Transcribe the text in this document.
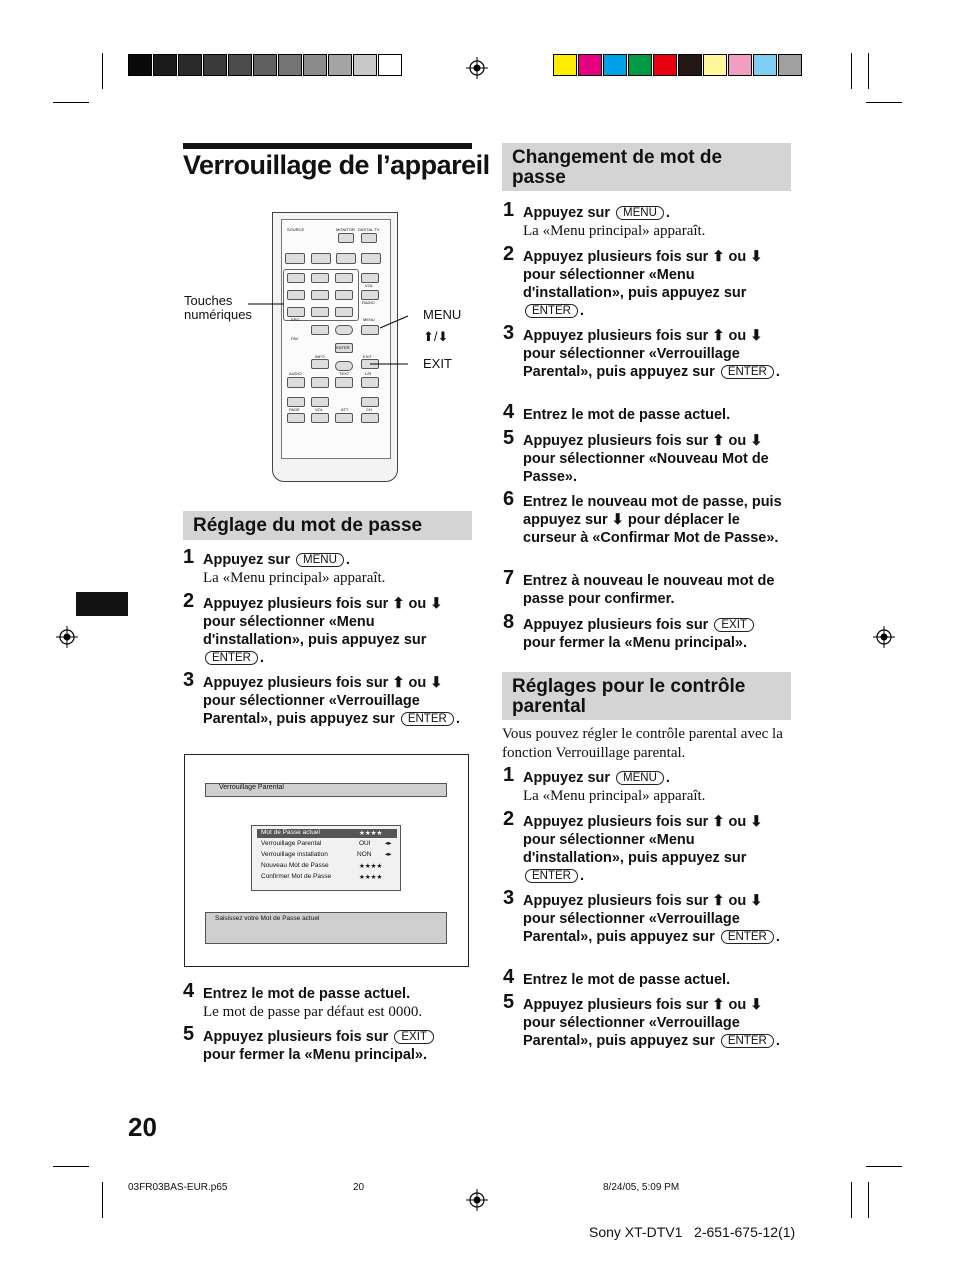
Verrouillage de l’appareil
SOURCE	MONITOR DIGITAL TV
VOL
RADIO
EPG	MENU
FAV
INFO
ENTER
EXIT
AUDIO	TEXT	L/R
PAGE	VOL	ATT	CH
Touches numériques	MENU
⬆/⬇
EXIT
Réglage du mot de passe
1 Appuyez sur MENU .
La «Menu principal» apparaît.
2 Appuyez plusieurs fois sur ⬆ ou ⬇ pour sélectionner «Menu d'installation», puis appuyez sur ENTER .
3 Appuyez plusieurs fois sur ⬆ ou ⬇ pour sélectionner «Verrouillage Parental», puis appuyez sur ENTER .
Verrouillage Parental
Mot de Passe actuel	★★★★
Verrouillage Parental	OUI ◂▸
Verrouillage installation	NON ◂▸
Nouveau Mot de Passe	★★★★
Confirmer Mot de Passe	★★★★
Saisissez votre Mot de Passe actuel
4 Entrez le mot de passe actuel.
Le mot de passe par défaut est 0000.
5 Appuyez plusieurs fois sur EXIT pour fermer la «Menu principal».
Changement de mot de passe
1 Appuyez sur MENU .
La «Menu principal» apparaît.
2 Appuyez plusieurs fois sur ⬆ ou ⬇ pour sélectionner «Menu d'installation», puis appuyez sur ENTER .
3 Appuyez plusieurs fois sur ⬆ ou ⬇ pour sélectionner «Verrouillage Parental», puis appuyez sur ENTER .
4 Entrez le mot de passe actuel.
5 Appuyez plusieurs fois sur ⬆ ou ⬇ pour sélectionner «Nouveau Mot de Passe».
6 Entrez le nouveau mot de passe, puis appuyez sur ⬇ pour déplacer le curseur à «Confirmar Mot de Passe».
7 Entrez à nouveau le nouveau mot de passe pour confirmer.
8 Appuyez plusieurs fois sur EXIT pour fermer la «Menu principal».
Réglages pour le contrôle parental
Vous pouvez régler le contrôle parental avec la fonction Verrouillage parental.
1 Appuyez sur MENU .
La «Menu principal» apparaît.
2 Appuyez plusieurs fois sur ⬆ ou ⬇ pour sélectionner «Menu d'installation», puis appuyez sur ENTER .
3 Appuyez plusieurs fois sur ⬆ ou ⬇ pour sélectionner «Verrouillage Parental», puis appuyez sur ENTER .
4 Entrez le mot de passe actuel.
5 Appuyez plusieurs fois sur ⬆ ou ⬇ pour sélectionner «Verrouillage Parental», puis appuyez sur ENTER .
20
03FR03BAS-EUR.p65	20	8/24/05, 5:09 PM
Sony XT-DTV1   2-651-675-12(1)
